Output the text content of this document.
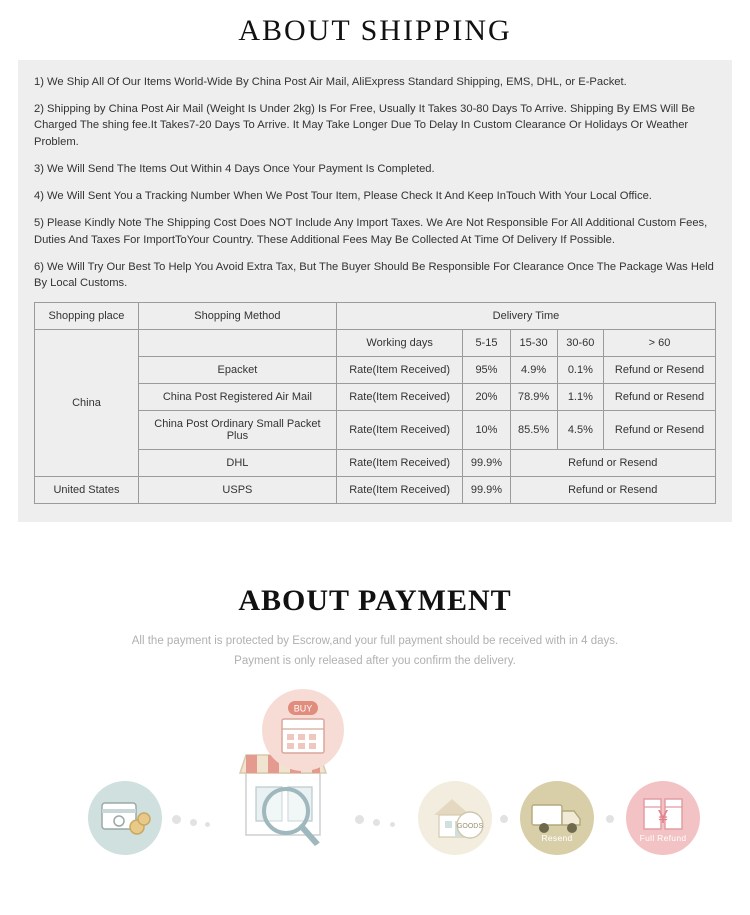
ABOUT SHIPPING

1) We Ship All Of Our Items World-Wide By China Post Air Mail, AliExpress Standard Shipping, EMS, DHL, or E-Packet.

2) Shipping by China Post Air Mail (Weight Is Under 2kg) Is For Free, Usually It Takes 30-80 Days To Arrive. Shipping By EMS Will Be Charged The shing fee.It Takes7-20 Days To Arrive. It May Take Longer Due To Delay In Custom Clearance Or Holidays Or Weather Problem.

3) We Will Send The Items Out Within 4 Days Once Your Payment Is Completed.

4) We Will Sent You a Tracking Number When We Post Tour Item, Please Check It And Keep InTouch With Your Local Office.

5) Please Kindly Note The Shipping Cost Does NOT Include Any Import Taxes. We Are Not Responsible For All Additional Custom Fees, Duties And Taxes For ImportToYour Country. These Additional Fees May Be Collected At Time Of Delivery If Possible.

6) We Will Try Our Best To Help You Avoid Extra Tax, But The Buyer Should Be Responsible For Clearance Once The Package Was Held By Local Customs.

Shopping place	Shopping Method	Delivery Time				
China		Working days	5-15	15-30	30-60	> 60
	Epacket	Rate(Item Received)	95%	4.9%	0.1%	Refund or Resend
	China Post Registered Air Mail	Rate(Item Received)	20%	78.9%	1.1%	Refund or Resend
	China Post Ordinary Small Packet Plus	Rate(Item Received)	10%	85.5%	4.5%	Refund or Resend
	DHL	Rate(Item Received)	99.9%	Refund or Resend		
United States	USPS	Rate(Item Received)	99.9%	Refund or Resend		
ABOUT PAYMENT
All the payment is protected by Escrow,and your full payment should be received with in 4 days.
Payment is only released after you confirm the delivery.
BUY
GOODS
Resend
¥
Full Refund
